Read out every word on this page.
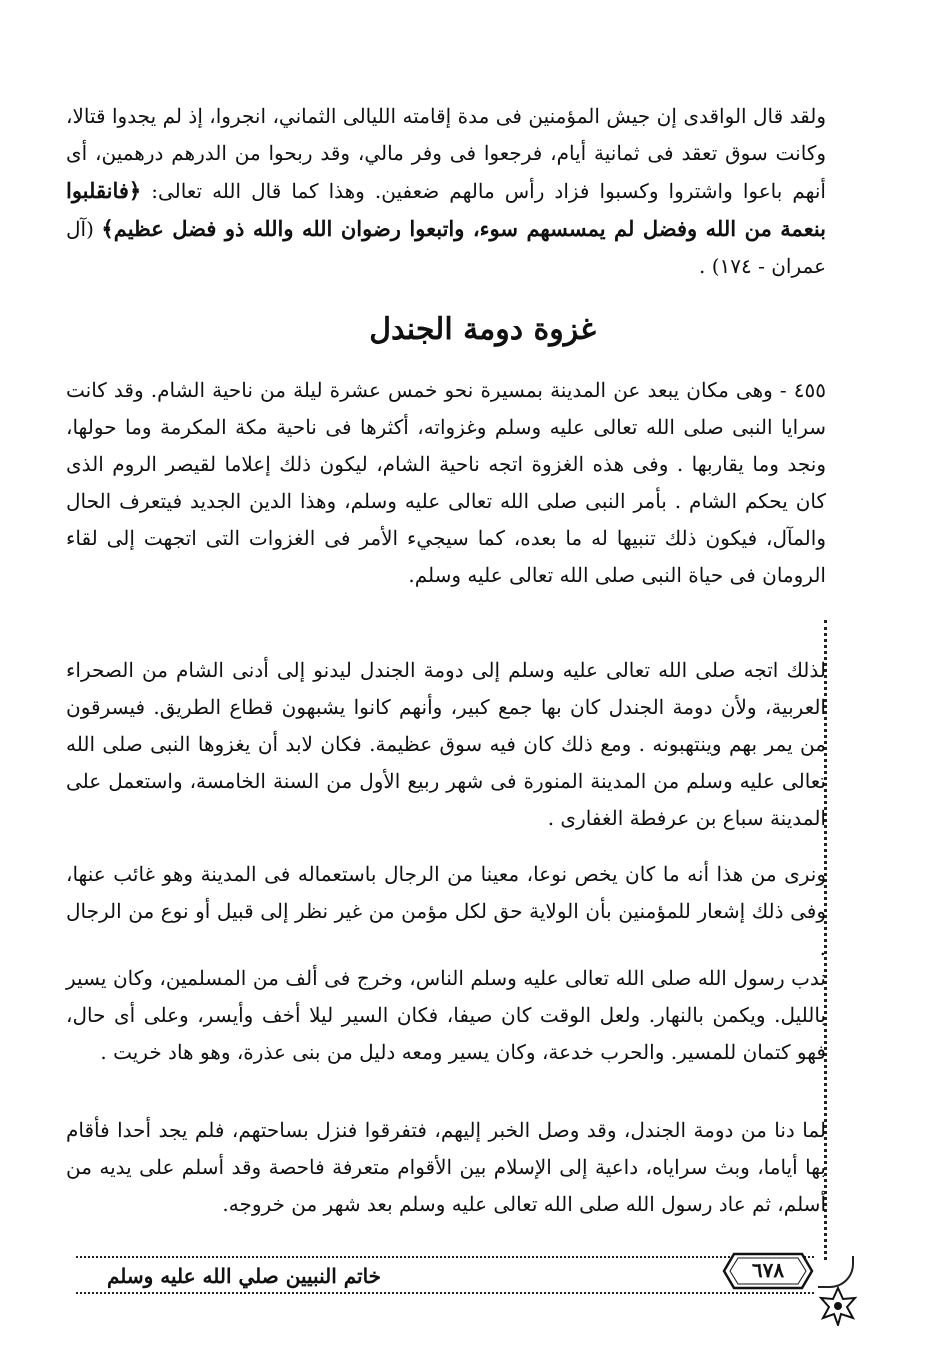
ولقد قال الواقدى إن جيش المؤمنين فى مدة إقامته الليالى الثماني، انجروا، إذ لم يجدوا قتالا، وكانت سوق تعقد فى ثمانية أيام، فرجعوا فى وفر مالي، وقد ربحوا من الدرهم درهمين، أى أنهم باعوا واشتروا وكسبوا فزاد رأس مالهم ضعفين. وهذا كما قال الله تعالى: ﴿فانقلبوا بنعمة من الله وفضل لم يمسسهم سوء، واتبعوا رضوان الله والله ذو فضل عظيم﴾ (آل عمران - ١٧٤) .

غزوة دومة الجندل

٤٥٥ - وهى مكان يبعد عن المدينة بمسيرة نحو خمس عشرة ليلة من ناحية الشام. وقد كانت سرايا النبى صلى الله تعالى عليه وسلم وغزواته، أكثرها فى ناحية مكة المكرمة وما حولها، ونجد وما يقاربها . وفى هذه الغزوة اتجه ناحية الشام، ليكون ذلك إعلاما لقيصر الروم الذى كان يحكم الشام . بأمر النبى صلى الله تعالى عليه وسلم، وهذا الدين الجديد فيتعرف الحال والمآل، فيكون ذلك تنبيها له ما بعده، كما سيجيء الأمر فى الغزوات التى اتجهت إلى لقاء الرومان فى حياة النبى صلى الله تعالى عليه وسلم.

لذلك اتجه صلى الله تعالى عليه وسلم إلى دومة الجندل ليدنو إلى أدنى الشام من الصحراء العربية، ولأن دومة الجندل كان بها جمع كبير، وأنهم كانوا يشبهون قطاع الطريق. فيسرقون من يمر بهم وينتهبونه . ومع ذلك كان فيه سوق عظيمة. فكان لابد أن يغزوها النبى صلى الله تعالى عليه وسلم من المدينة المنورة فى شهر ربيع الأول من السنة الخامسة، واستعمل على المدينة سباع بن عرفطة الغفارى .

ونرى من هذا أنه ما كان يخص نوعا، معينا من الرجال باستعماله فى المدينة وهو غائب عنها، وفى ذلك إشعار للمؤمنين بأن الولاية حق لكل مؤمن من غير نظر إلى قبيل أو نوع من الرجال .

ندب رسول الله صلى الله تعالى عليه وسلم الناس، وخرج فى ألف من المسلمين، وكان يسير بالليل. ويكمن بالنهار. ولعل الوقت كان صيفا، فكان السير ليلا أخف وأيسر، وعلى أى حال، فهو كتمان للمسير. والحرب خدعة، وكان يسير ومعه دليل من بنى عذرة، وهو هاد خريت .

لما دنا من دومة الجندل، وقد وصل الخبر إليهم، فتفرقوا فنزل بساحتهم، فلم يجد أحدا فأقام بها أياما، وبث سراياه، داعية إلى الإسلام بين الأقوام متعرفة فاحصة وقد أسلم على يديه من أسلم، ثم عاد رسول الله صلى الله تعالى عليه وسلم بعد شهر من خروجه.

خاتم النبيين صلي الله عليه وسلم	٦٧٨
